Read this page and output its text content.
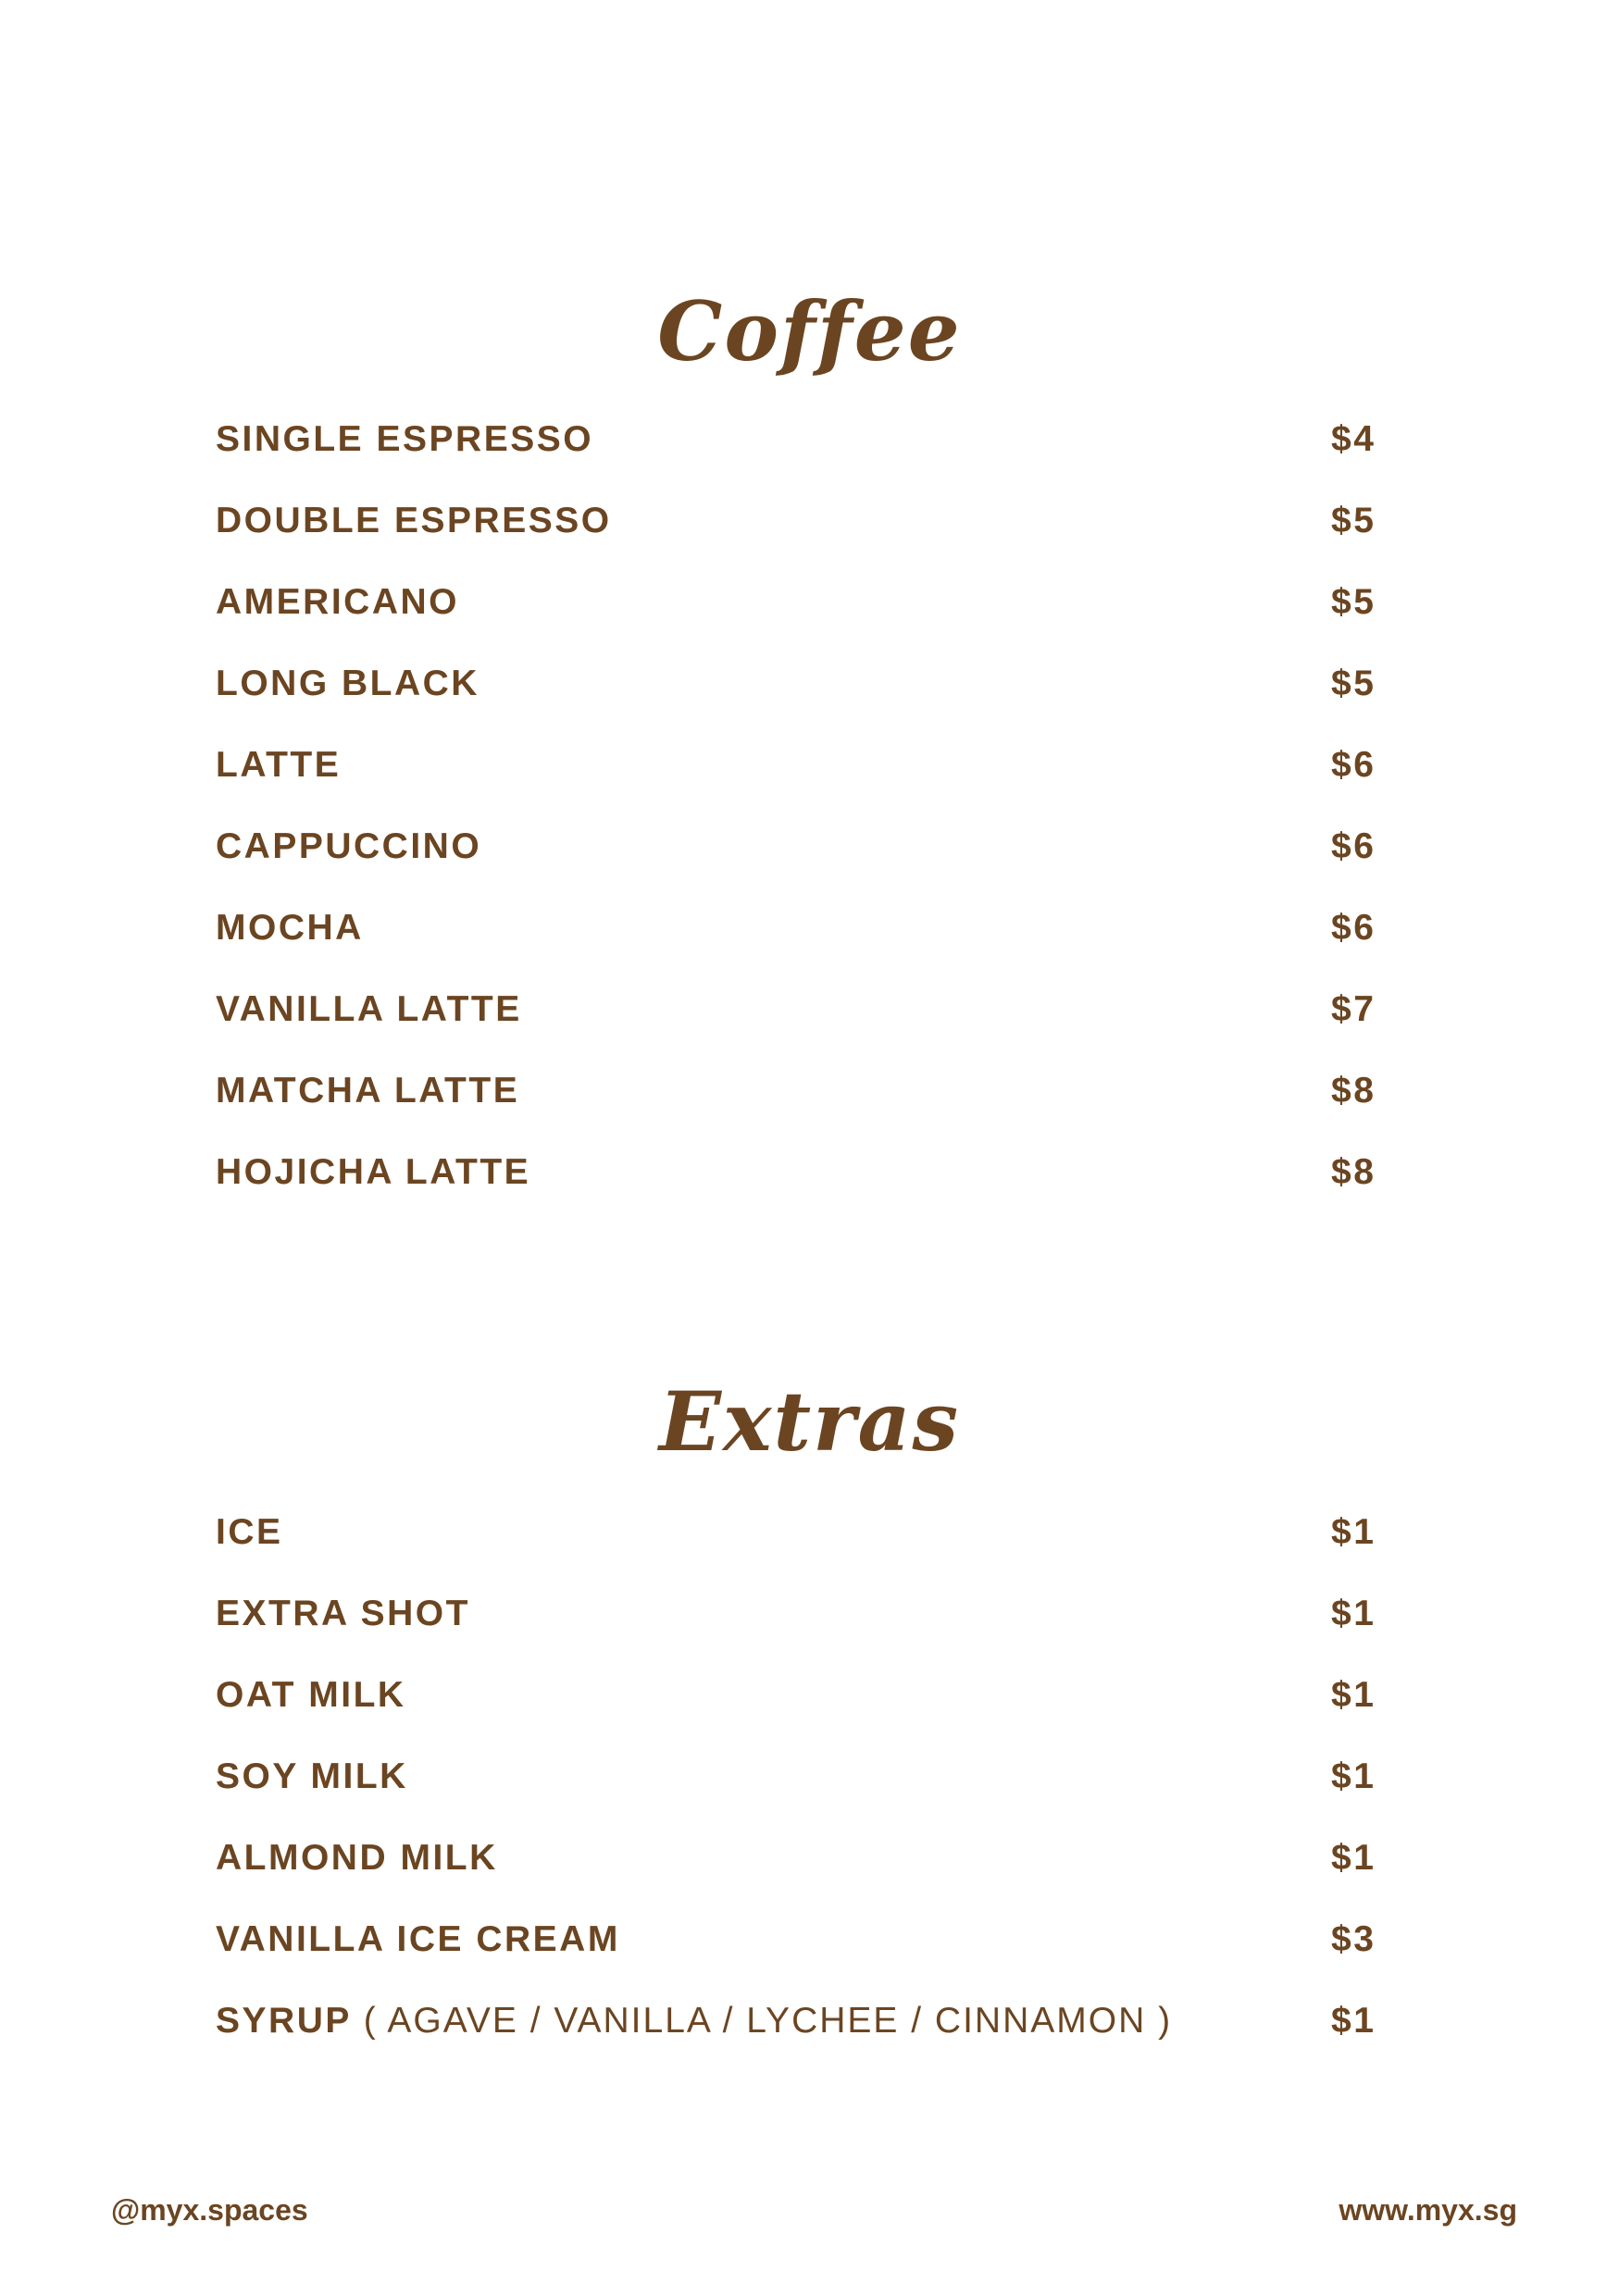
Coffee
SINGLE ESPRESSO	$4
DOUBLE ESPRESSO	$5
AMERICANO	$5
LONG BLACK	$5
LATTE	$6
CAPPUCCINO	$6
MOCHA	$6
VANILLA LATTE	$7
MATCHA LATTE	$8
HOJICHA LATTE	$8
Extras
ICE	$1
EXTRA SHOT	$1
OAT MILK	$1
SOY MILK	$1
ALMOND MILK	$1
VANILLA ICE CREAM	$3
SYRUP ( AGAVE / VANILLA / LYCHEE / CINNAMON )	$1
@myx.spaces	www.myx.sg
